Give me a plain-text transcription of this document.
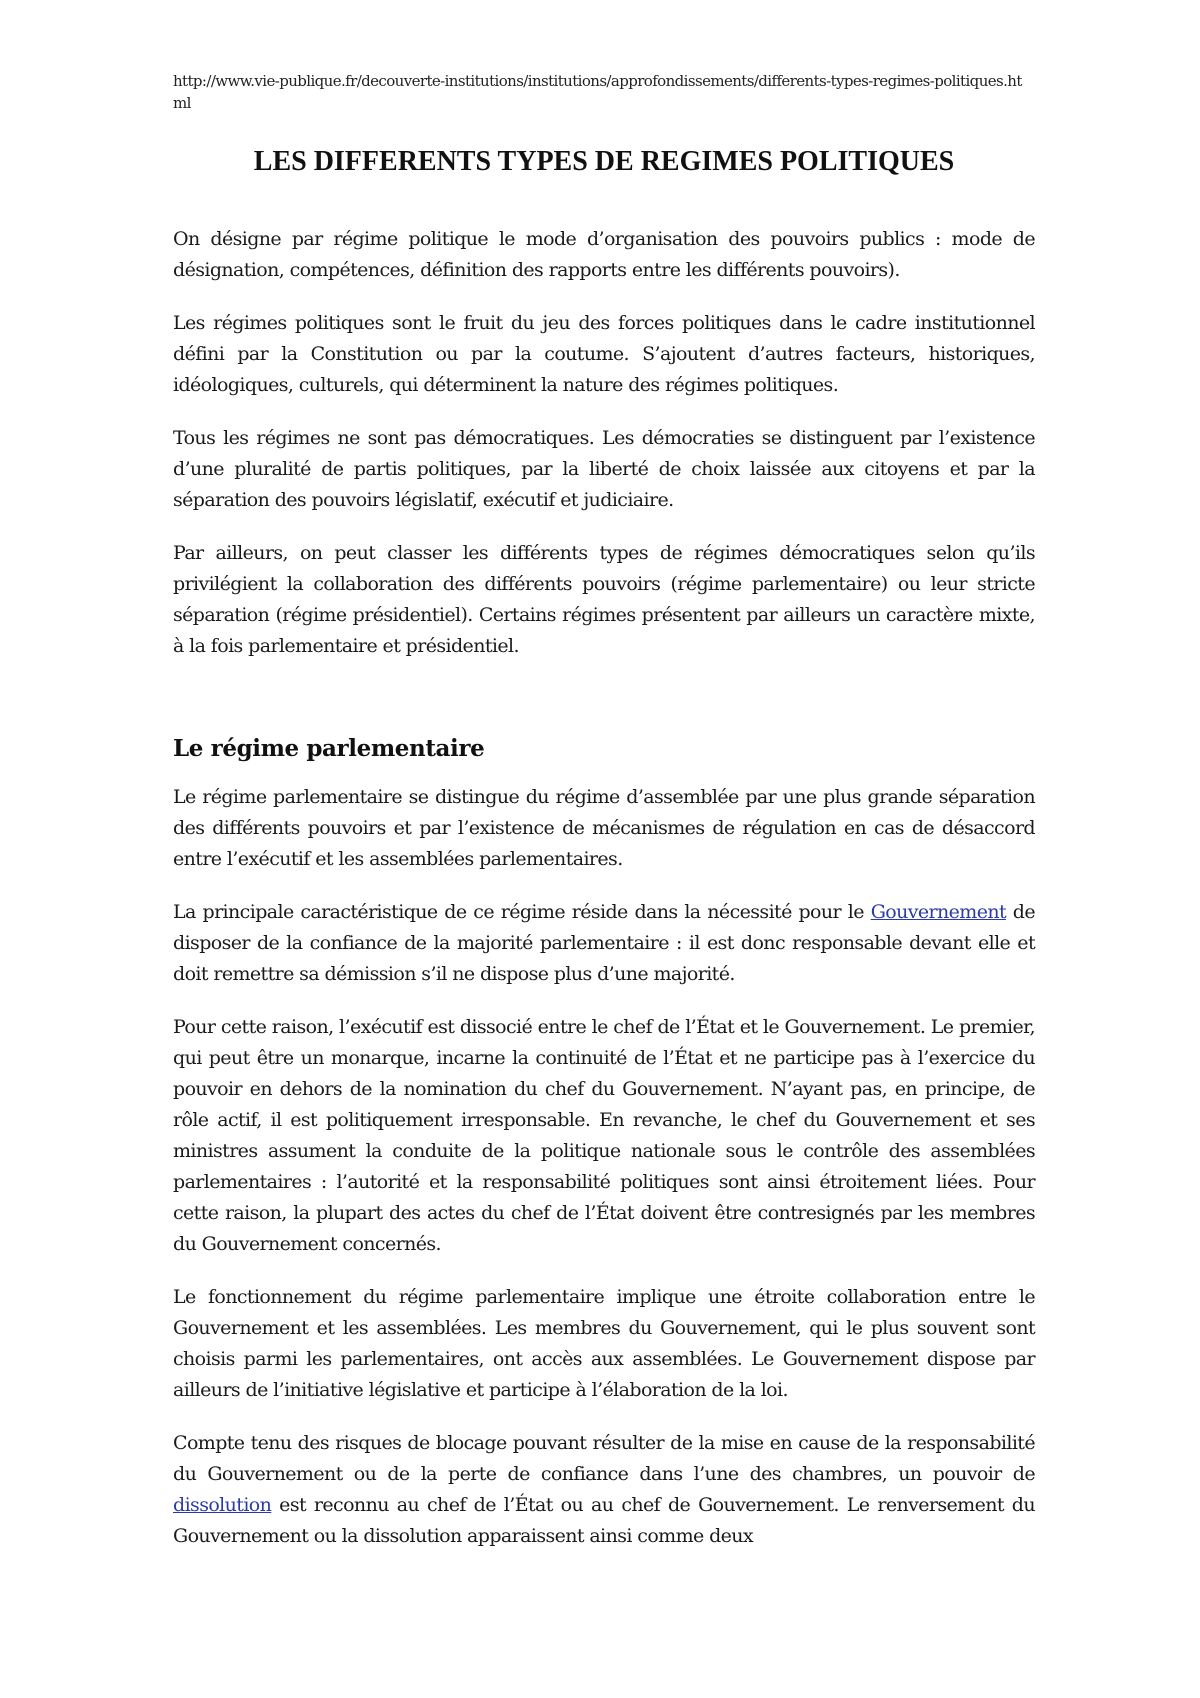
http://www.vie-publique.fr/decouverte-institutions/institutions/approfondissements/differents-types-regimes-politiques.html

LES DIFFERENTS TYPES DE REGIMES POLITIQUES

On désigne par régime politique le mode d’organisation des pouvoirs publics : mode de désignation, compétences, définition des rapports entre les différents pouvoirs).

Les régimes politiques sont le fruit du jeu des forces politiques dans le cadre institutionnel défini par la Constitution ou par la coutume. S’ajoutent d’autres facteurs, historiques, idéologiques, culturels, qui déterminent la nature des régimes politiques.

Tous les régimes ne sont pas démocratiques. Les démocraties se distinguent par l’existence d’une pluralité de partis politiques, par la liberté de choix laissée aux citoyens et par la séparation des pouvoirs législatif, exécutif et judiciaire.

Par ailleurs, on peut classer les différents types de régimes démocratiques selon qu’ils privilégient la collaboration des différents pouvoirs (régime parlementaire) ou leur stricte séparation (régime présidentiel). Certains régimes présentent par ailleurs un caractère mixte, à la fois parlementaire et présidentiel.

Le régime parlementaire

Le régime parlementaire se distingue du régime d’assemblée par une plus grande séparation des différents pouvoirs et par l’existence de mécanismes de régulation en cas de désaccord entre l’exécutif et les assemblées parlementaires.

La principale caractéristique de ce régime réside dans la nécessité pour le Gouvernement de disposer de la confiance de la majorité parlementaire : il est donc responsable devant elle et doit remettre sa démission s’il ne dispose plus d’une majorité.

Pour cette raison, l’exécutif est dissocié entre le chef de l’État et le Gouvernement. Le premier, qui peut être un monarque, incarne la continuité de l’État et ne participe pas à l’exercice du pouvoir en dehors de la nomination du chef du Gouvernement. N’ayant pas, en principe, de rôle actif, il est politiquement irresponsable. En revanche, le chef du Gouvernement et ses ministres assument la conduite de la politique nationale sous le contrôle des assemblées parlementaires : l’autorité et la responsabilité politiques sont ainsi étroitement liées. Pour cette raison, la plupart des actes du chef de l’État doivent être contresignés par les membres du Gouvernement concernés.

Le fonctionnement du régime parlementaire implique une étroite collaboration entre le Gouvernement et les assemblées. Les membres du Gouvernement, qui le plus souvent sont choisis parmi les parlementaires, ont accès aux assemblées. Le Gouvernement dispose par ailleurs de l’initiative législative et participe à l’élaboration de la loi.

Compte tenu des risques de blocage pouvant résulter de la mise en cause de la responsabilité du Gouvernement ou de la perte de confiance dans l’une des chambres, un pouvoir de dissolution est reconnu au chef de l’État ou au chef de Gouvernement. Le renversement du Gouvernement ou la dissolution apparaissent ainsi comme deux
